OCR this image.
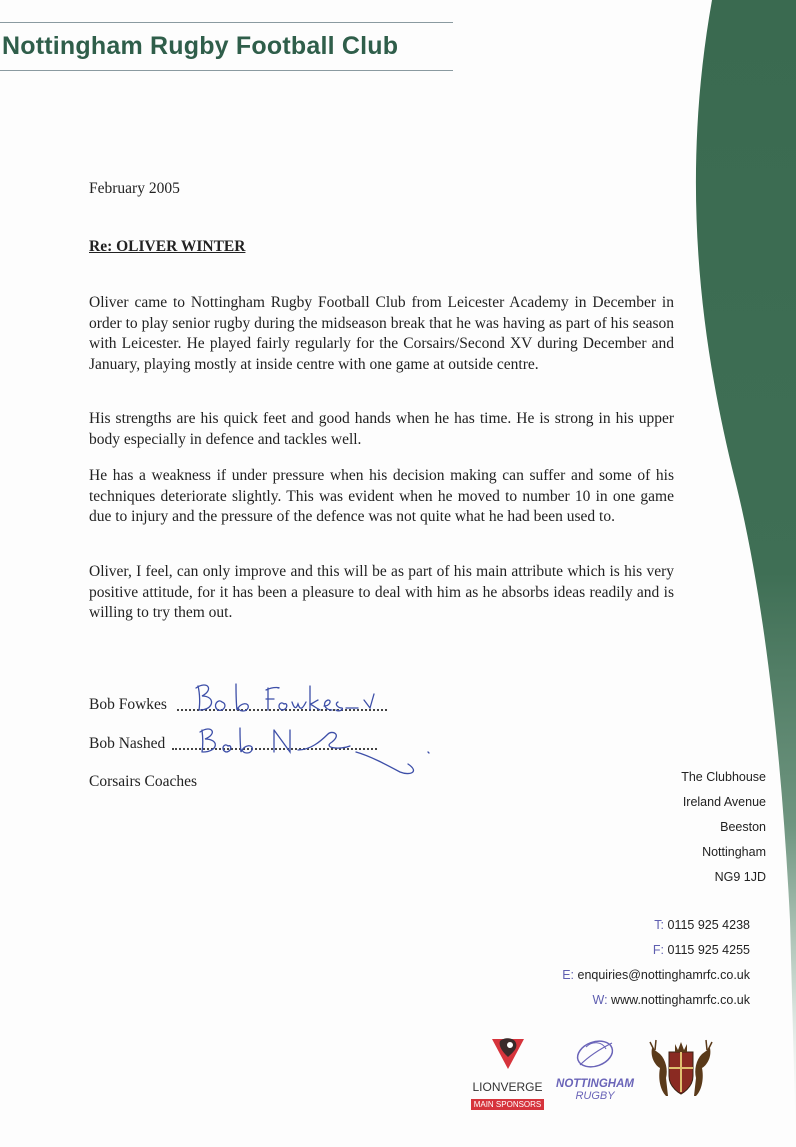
Nottingham Rugby Football Club
February 2005
Re: OLIVER WINTER
Oliver came to Nottingham Rugby Football Club from Leicester Academy in December in order to play senior rugby during the midseason break that he was having as part of his season with Leicester. He played fairly regularly for the Corsairs/Second XV during December and January, playing mostly at inside centre with one game at outside centre.
His strengths are his quick feet and good hands when he has time. He is strong in his upper body especially in defence and tackles well.
He has a weakness if under pressure when his decision making can suffer and some of his techniques deteriorate slightly. This was evident when he moved to number 10 in one game due to injury and the pressure of the defence was not quite what he had been used to.
Oliver, I feel, can only improve and this will be as part of his main attribute which is his very positive attitude, for it has been a pleasure to deal with him as he absorbs ideas readily and is willing to try them out.
Bob Fowkes
Bob Nashed
Corsairs Coaches	The Clubhouse
Ireland Avenue
Beeston
Nottingham
NG9 1JD
T: 0115 925 4238
F: 0115 925 4255
E: enquiries@nottinghamrfc.co.uk
W: www.nottinghamrfc.co.uk
LIONVERGE
MAIN SPONSORS
NOTTINGHAM
RUGBY
